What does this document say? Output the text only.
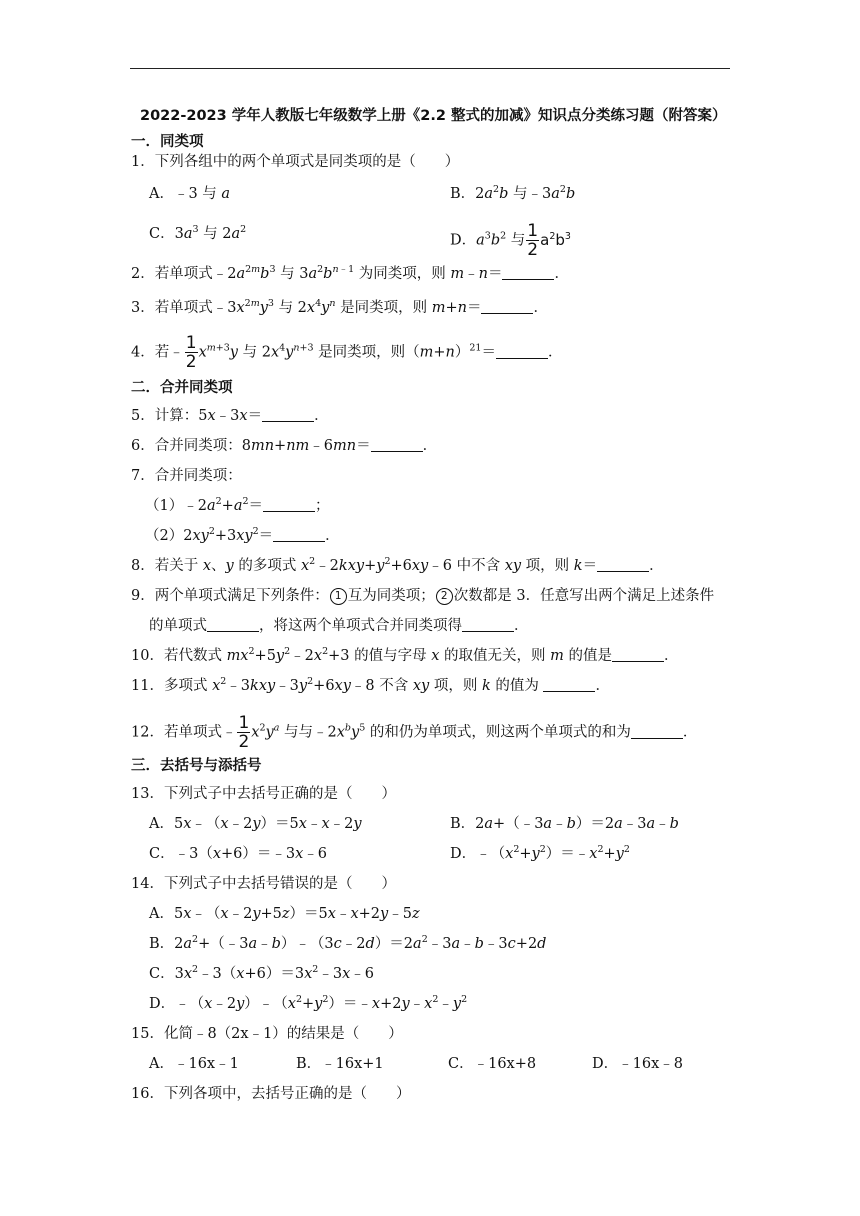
2022-2023 学年人教版七年级数学上册《2.2 整式的加减》知识点分类练习题（附答案）
一．同类项
1．下列各组中的两个单项式是同类项的是（　　）
A．﹣3 与 a	B．$2a^2b$ 与$﹣3a^2b$
C．$3a^3$ 与 $2a^2$
D．$a^3b^2$ 与 $\frac{1}{2} a^2b^3$
2．若单项式$﹣2a^{2m}b^3$ 与 $3a^2b^{n﹣1}$ 为同类项，则 m﹣n＝	．
3．若单项式$﹣3x^{2m}y^3$ 与 $2x^4y^n$ 是同类项，则 m+n＝	．
4．若﹣ $\frac{1}{2} x^{m+3}y$ 与 $2x^4y^{n+3}$ 是同类项，则$(m+n)^{21}=$	．
二．合并同类项
5．计算：5x﹣3x＝	．
6．合并同类项：8mn+nm﹣6mn＝	．
7．合并同类项：
$(1)﹣2a^2+a^2=$	；
$(2)2xy^2+3xy^2=$	．
8．若关于 x、y 的多项式 $x^2﹣2kxy+y^2+6xy﹣6$ 中不含 xy 项，则 k＝	．
9．两个单项式满足下列条件： 1 互为同类项； 2 次数都是 3．任意写出两个满足上述条件
的单项式	，将这两个单项式合并同类项得	．
10．若代数式 $mx^2+5y^2﹣2x^2+3$ 的值与字母 x 的取值无关，则 m 的值是	．
11．多项式 $x^2﹣3kxy﹣3y^2+6xy﹣8$ 不含 xy 项，则 k 的值为	．
12．若单项式﹣ $\frac{1}{2} x^2y^a$ 与与$﹣2x^by^5$ 的和仍为单项式，则这两个单项式的和为	．
三．去括号与添括号
13．下列式子中去括号正确的是（　　）
A．5x﹣（x﹣2y）＝5x﹣x﹣2y	B．2a+（﹣3a﹣b）＝2a﹣3a﹣b
C．﹣3（x+6）＝﹣3x﹣6	D．$﹣(x^2+y^2)=﹣x^2+y^2$
14．下列式子中去括号错误的是（　　）
A．5x﹣（x﹣2y+5z）＝5x﹣x+2y﹣5z
B．$2a^2+(﹣3a﹣b)﹣(3c﹣2d)=2a^2﹣3a﹣b﹣3c+2d$
C．$3x^2﹣3(x+6)=3x^2﹣3x﹣6$
D．$﹣(x﹣2y)﹣(x^2+y^2)=﹣x+2y﹣x^2﹣y^2$
15．化简﹣8（2x﹣1）的结果是（　　）
A．﹣16x﹣1	B．﹣16x+1	C．﹣16x+8	D．﹣16x﹣8
16．下列各项中，去括号正确的是（　　）
